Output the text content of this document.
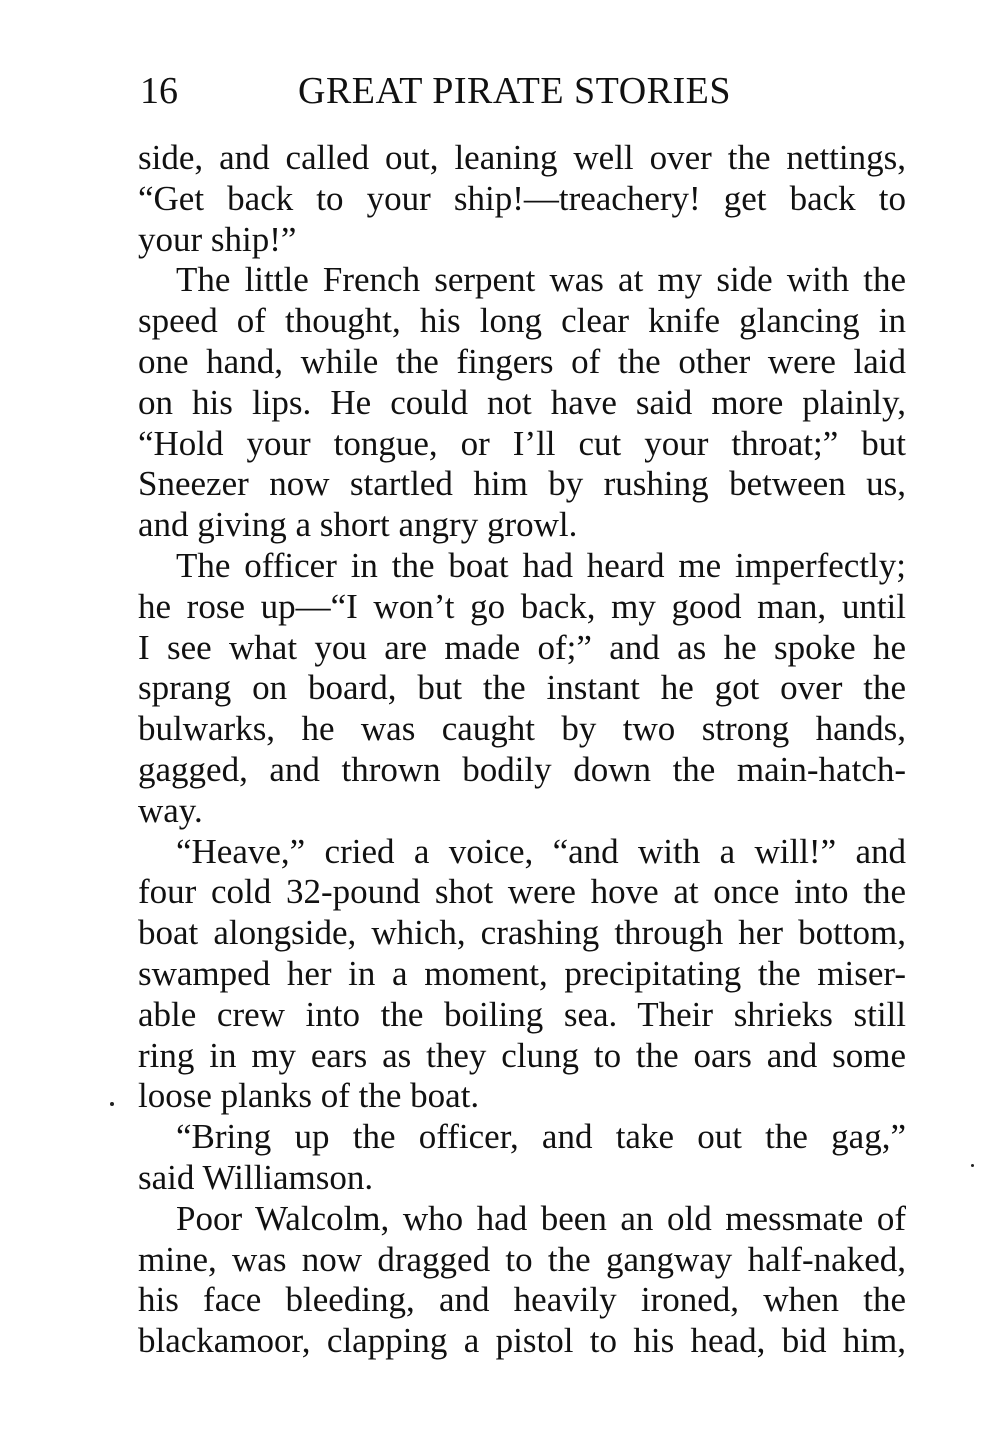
16	GREAT PIRATE STORIES
side, and called out, leaning well over the nettings,
“Get back to your ship!—treachery! get back to
your ship!”
The little French serpent was at my side with the
speed of thought, his long clear knife glancing in
one hand, while the fingers of the other were laid
on his lips. He could not have said more plainly,
“Hold your tongue, or I’ll cut your throat;” but
Sneezer now startled him by rushing between us,
and giving a short angry growl.
The officer in the boat had heard me imperfectly;
he rose up—“I won’t go back, my good man, until
I see what you are made of;” and as he spoke he
sprang on board, but the instant he got over the
bulwarks, he was caught by two strong hands,
gagged, and thrown bodily down the main-hatch-
way.
“Heave,” cried a voice, “and with a will!” and
four cold 32-pound shot were hove at once into the
boat alongside, which, crashing through her bottom,
swamped her in a moment, precipitating the miser-
able crew into the boiling sea. Their shrieks still
ring in my ears as they clung to the oars and some
loose planks of the boat.
“Bring up the officer, and take out the gag,”
said Williamson.
Poor Walcolm, who had been an old messmate of
mine, was now dragged to the gangway half-naked,
his face bleeding, and heavily ironed, when the
blackamoor, clapping a pistol to his head, bid him,
